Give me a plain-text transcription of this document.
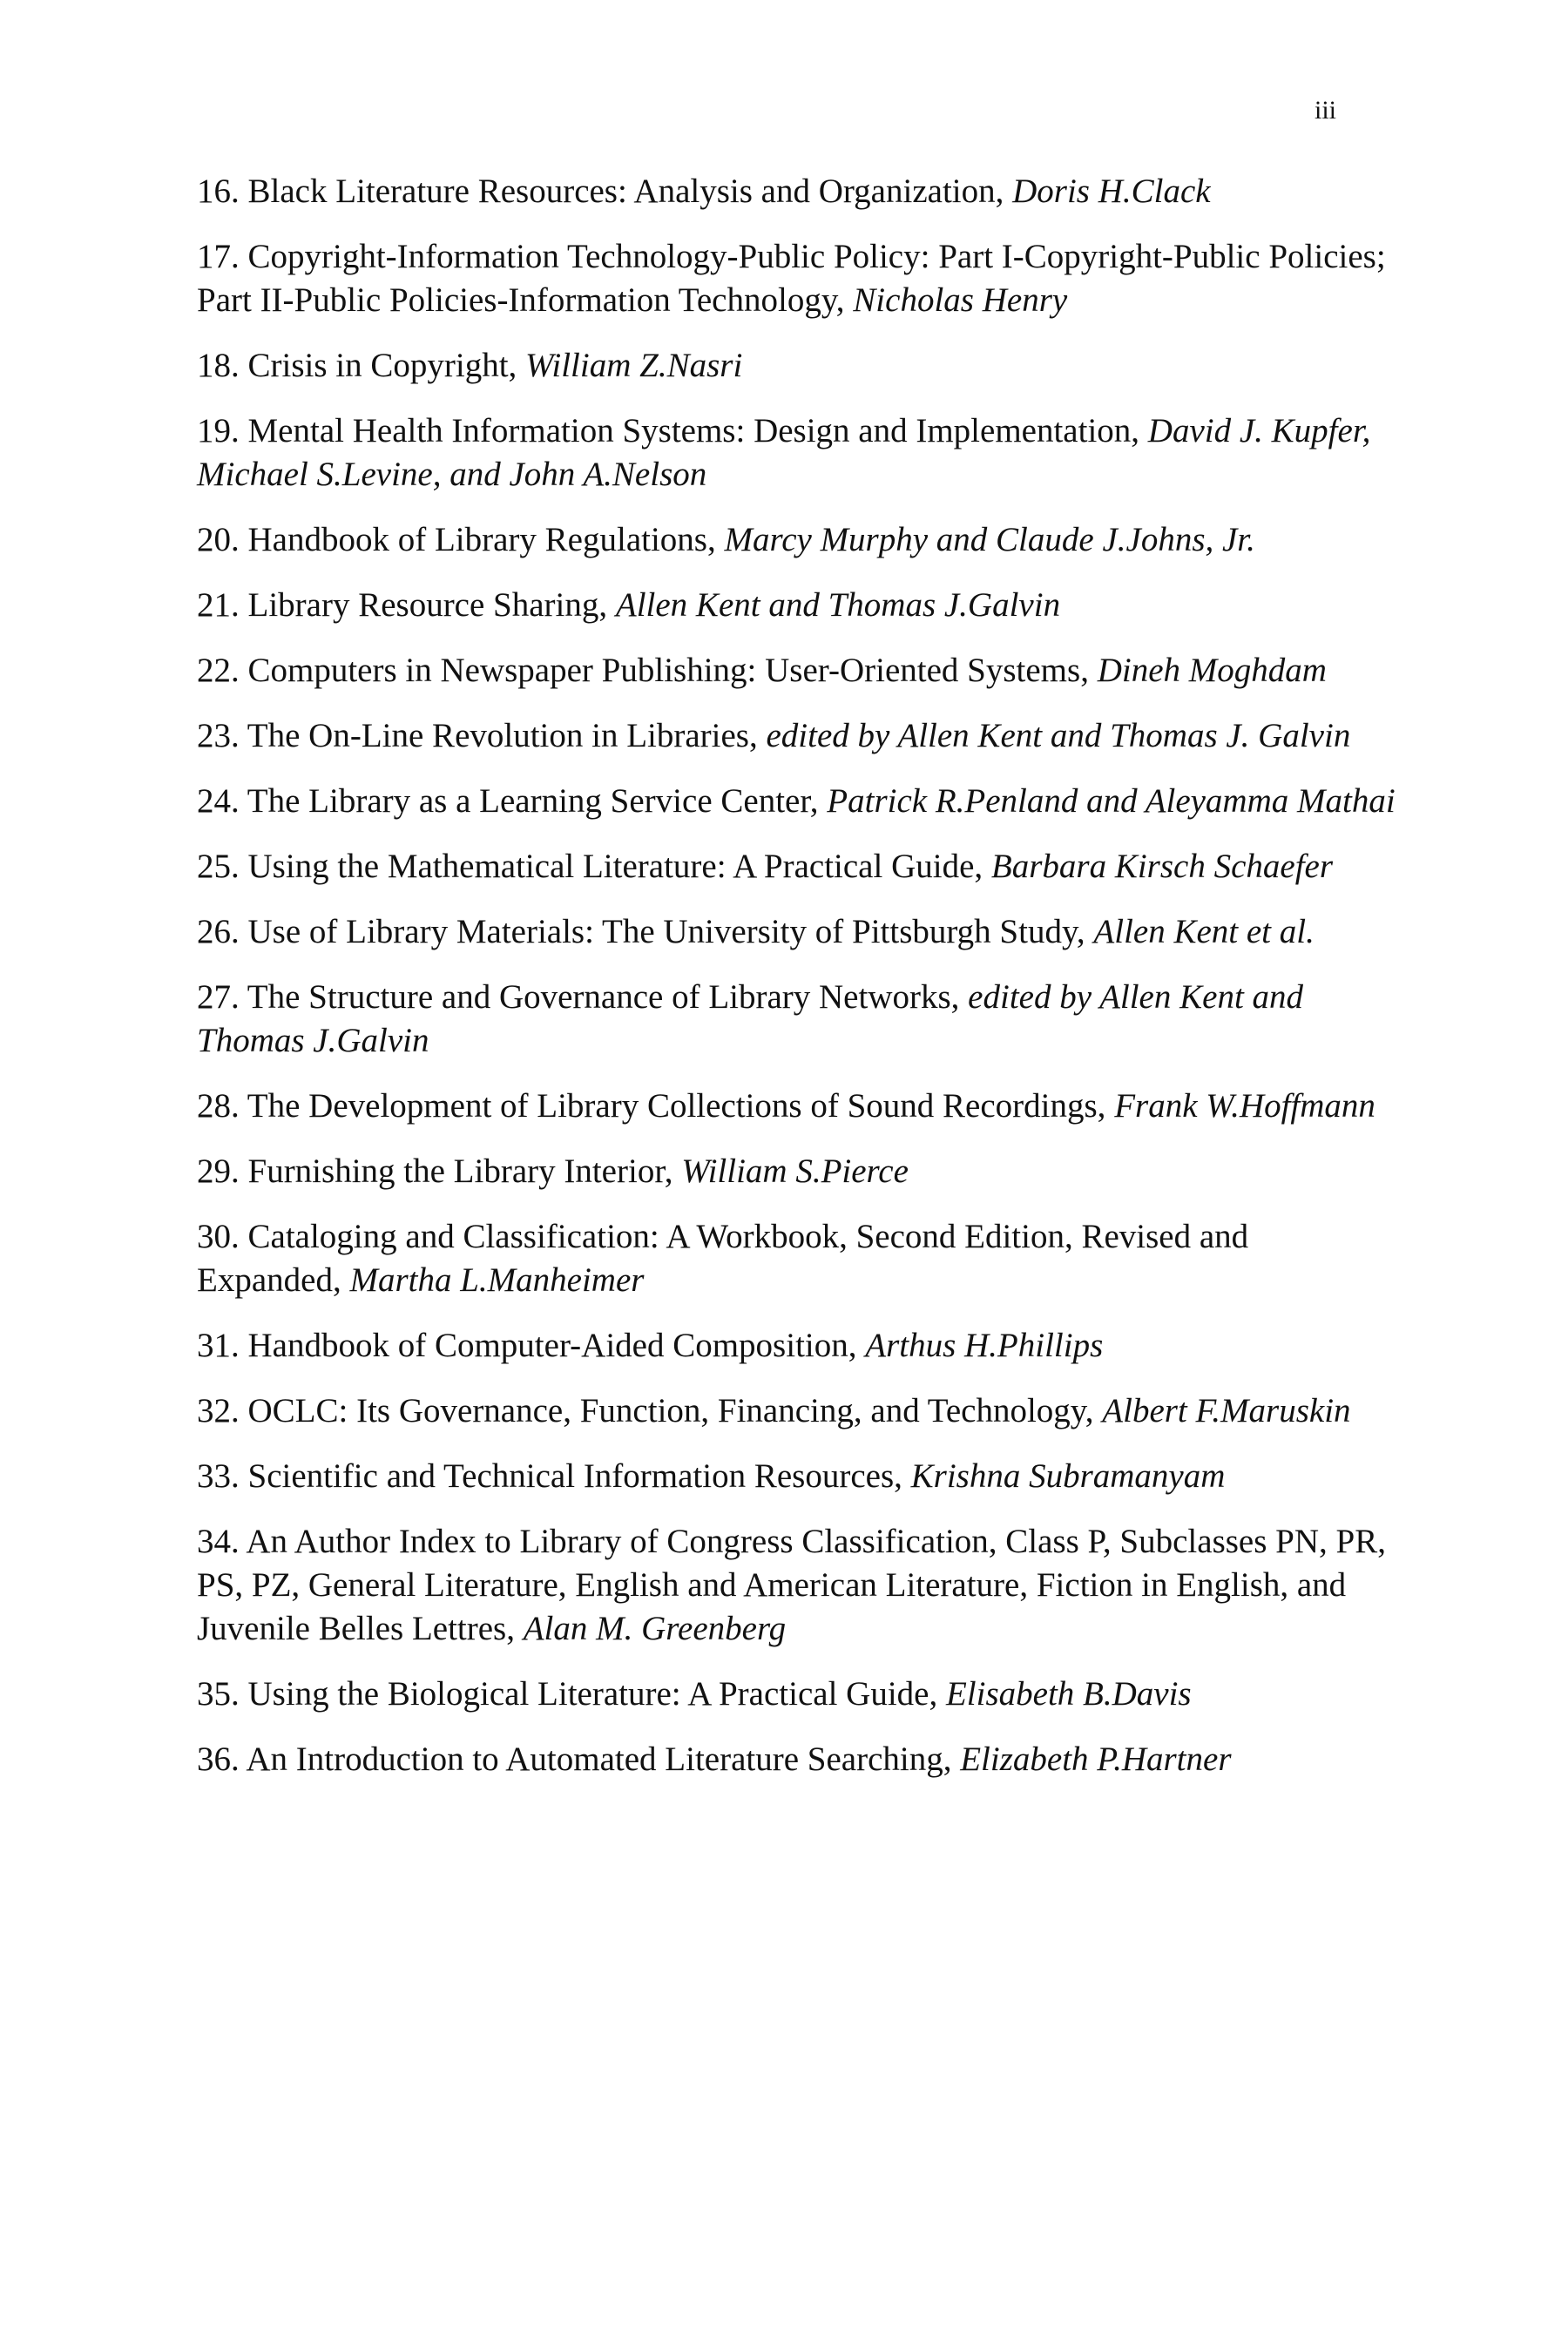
iii
16. Black Literature Resources: Analysis and Organization, Doris H.Clack
17. Copyright-Information Technology-Public Policy: Part I-Copyright-Public Policies; Part II-Public Policies-Information Technology, Nicholas Henry
18. Crisis in Copyright, William Z.Nasri
19. Mental Health Information Systems: Design and Implementation, David J. Kupfer, Michael S.Levine, and John A.Nelson
20. Handbook of Library Regulations, Marcy Murphy and Claude J.Johns, Jr.
21. Library Resource Sharing, Allen Kent and Thomas J.Galvin
22. Computers in Newspaper Publishing: User-Oriented Systems, Dineh Moghdam
23. The On-Line Revolution in Libraries, edited by Allen Kent and Thomas J. Galvin
24. The Library as a Learning Service Center, Patrick R.Penland and Aleyamma Mathai
25. Using the Mathematical Literature: A Practical Guide, Barbara Kirsch Schaefer
26. Use of Library Materials: The University of Pittsburgh Study, Allen Kent et al.
27. The Structure and Governance of Library Networks, edited by Allen Kent and Thomas J.Galvin
28. The Development of Library Collections of Sound Recordings, Frank W.Hoffmann
29. Furnishing the Library Interior, William S.Pierce
30. Cataloging and Classification: A Workbook, Second Edition, Revised and Expanded, Martha L.Manheimer
31. Handbook of Computer-Aided Composition, Arthus H.Phillips
32. OCLC: Its Governance, Function, Financing, and Technology, Albert F.Maruskin
33. Scientific and Technical Information Resources, Krishna Subramanyam
34. An Author Index to Library of Congress Classification, Class P, Subclasses PN, PR, PS, PZ, General Literature, English and American Literature, Fiction in English, and Juvenile Belles Lettres, Alan M. Greenberg
35. Using the Biological Literature: A Practical Guide, Elisabeth B.Davis
36. An Introduction to Automated Literature Searching, Elizabeth P.Hartner
